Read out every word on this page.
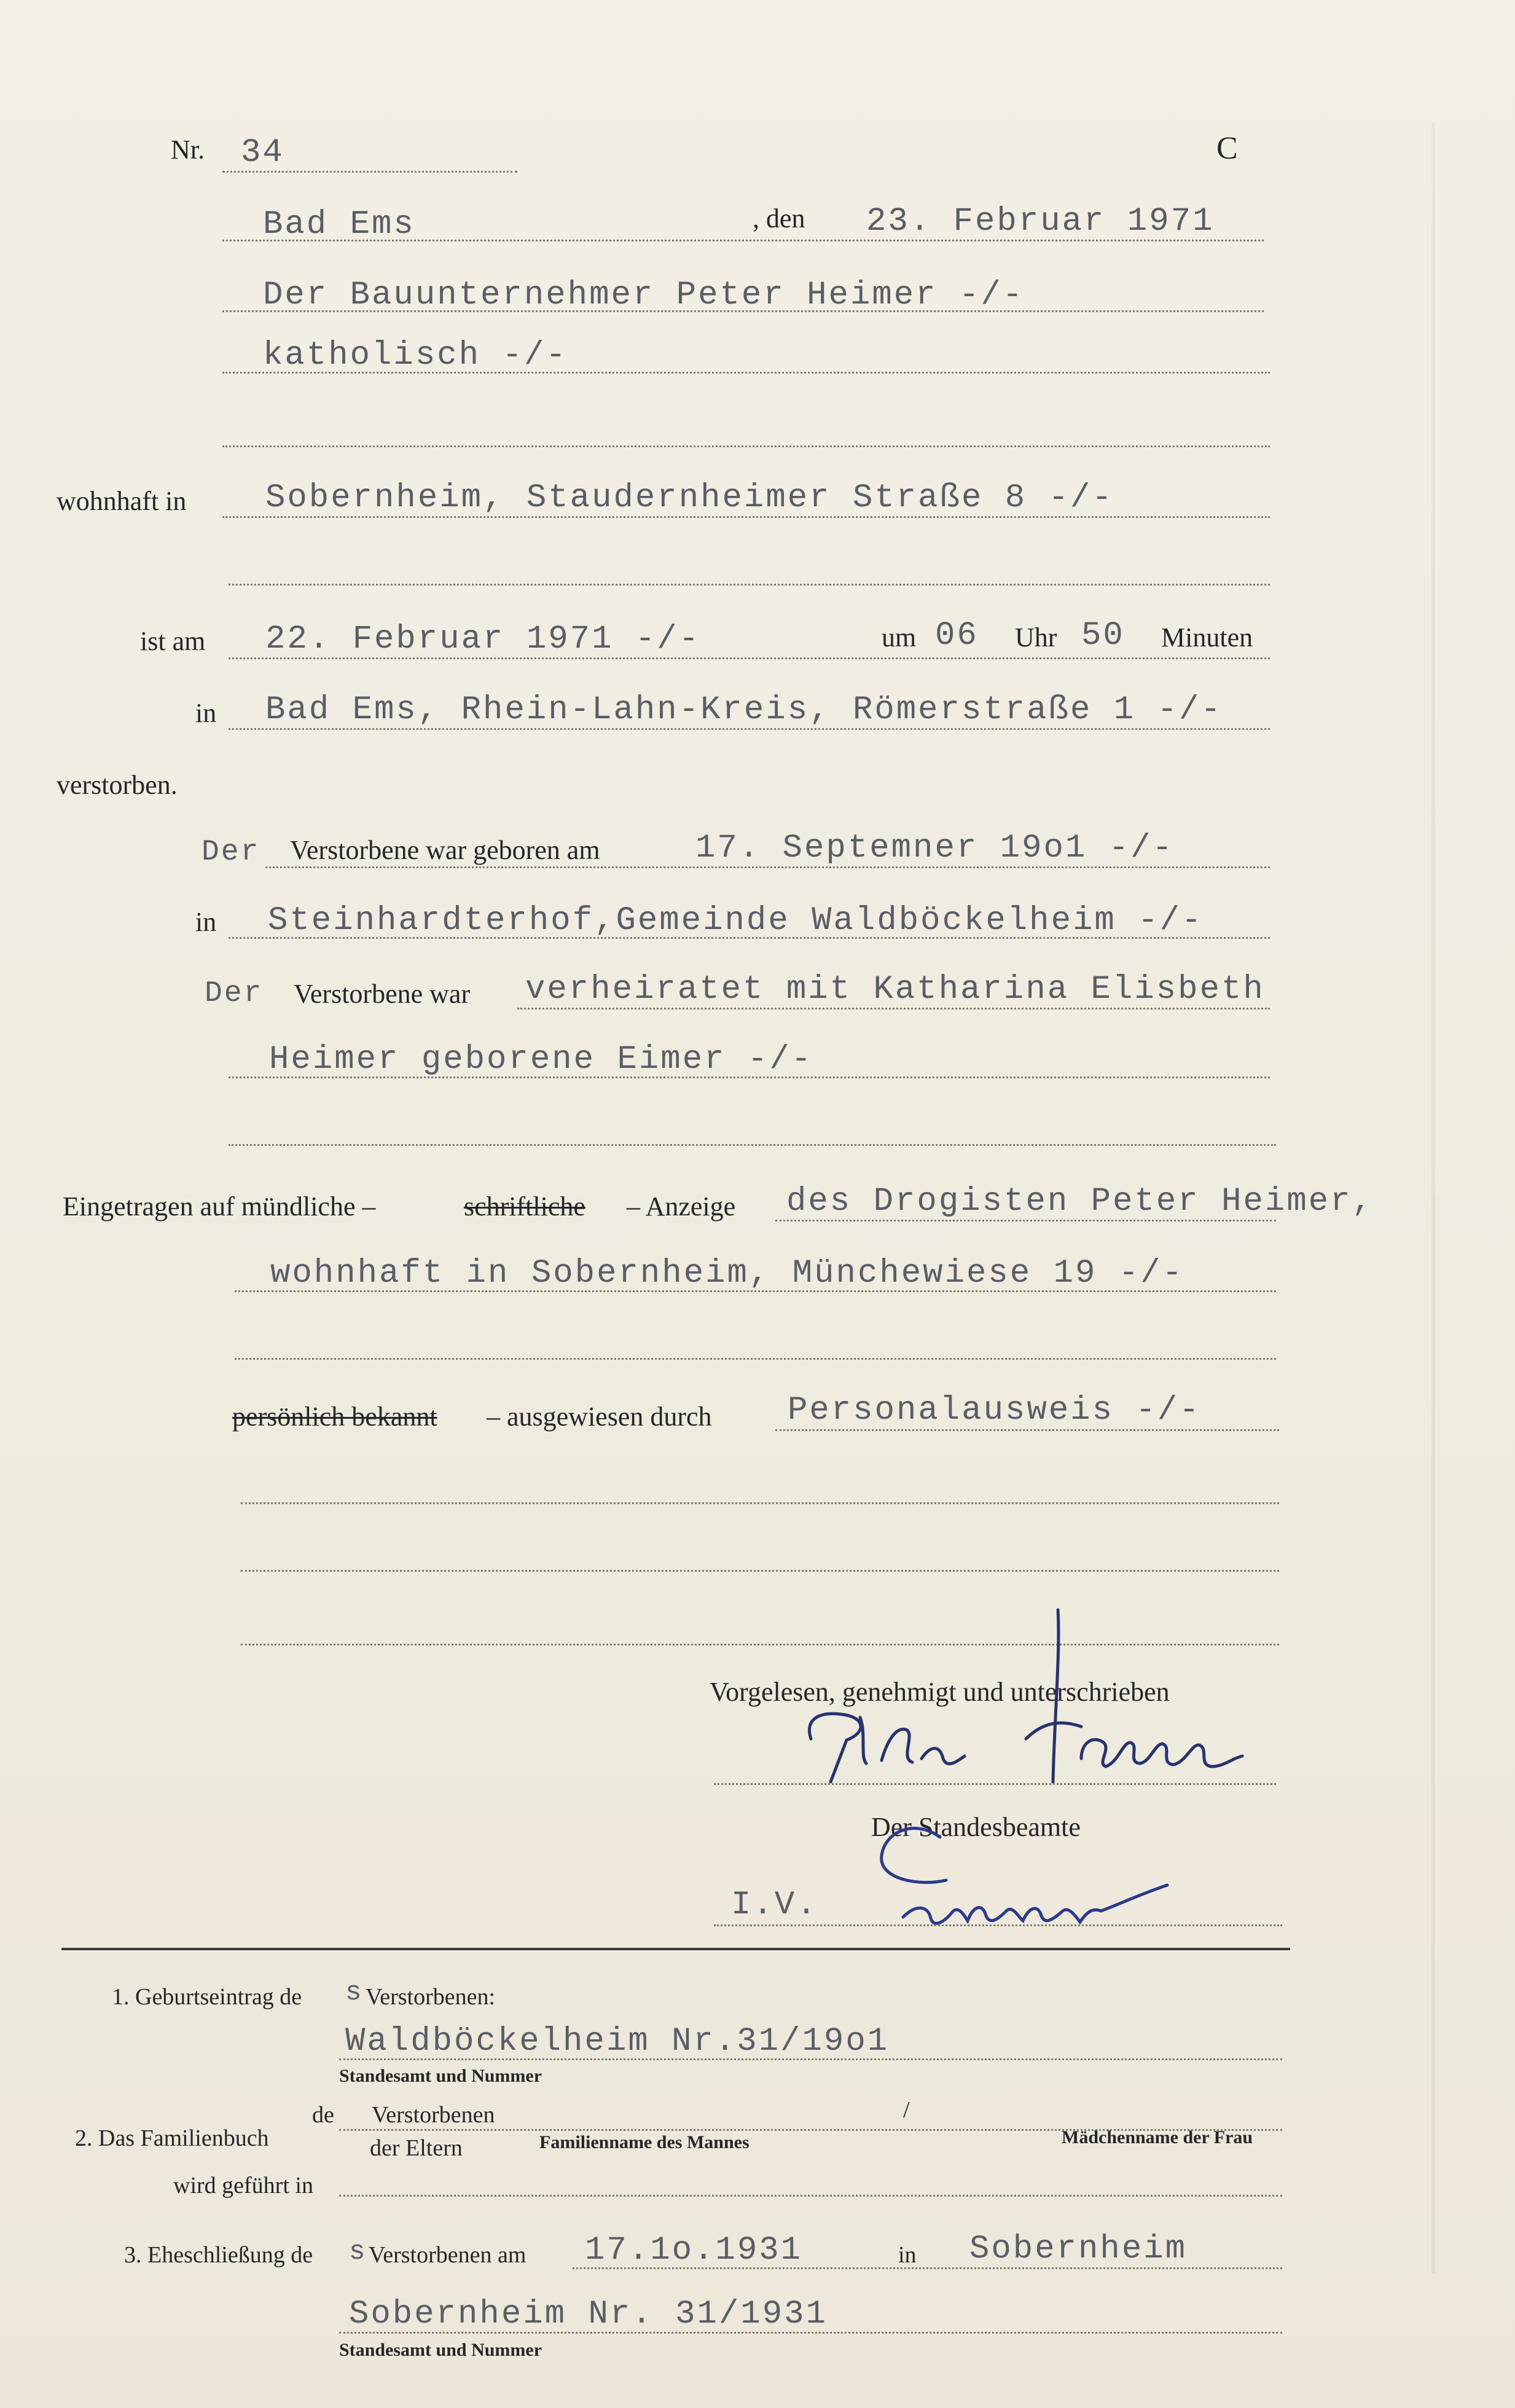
Nr. 34	C
Bad Ems	, den 23. Februar 1971
Der Bauunternehmer Peter Heimer -/-
katholisch -/-
wohnhaft in Sobernheim, Staudernheimer Straße 8 -/-
ist am 22. Februar 1971 -/-	um 06 Uhr 50 Minuten
in Bad Ems, Rhein-Lahn-Kreis, Römerstraße 1 -/-
verstorben.
Der Verstorbene war geboren am	17. Septemner 19o1 -/-
in Steinhardterhof,Gemeinde Waldböckelheim -/-
Der Verstorbene war verheiratet mit Katharina Elisbeth
Heimer geborene Eimer -/-
Eingetragen auf mündliche –	schriftliche – Anzeige des Drogisten Peter Heimer,
wohnhaft in Sobernheim, Münchewiese 19 -/-
persönlich bekannt – ausgewiesen durch Personalausweis -/-
Vorgelesen, genehmigt und unterschrieben
Der Standesbeamte
I.V.
1. Geburtseintrag de s Verstorbenen:
Waldböckelheim Nr.31/19o1
Standesamt und Nummer
de Verstorbenen	/
2. Das Familienbuch	der Eltern	Familienname des Mannes	Mädchenname der Frau
wird geführt in
3. Eheschließung de s Verstorbenen am 17.1o.1931	in Sobernheim
Sobernheim Nr. 31/1931
Standesamt und Nummer
